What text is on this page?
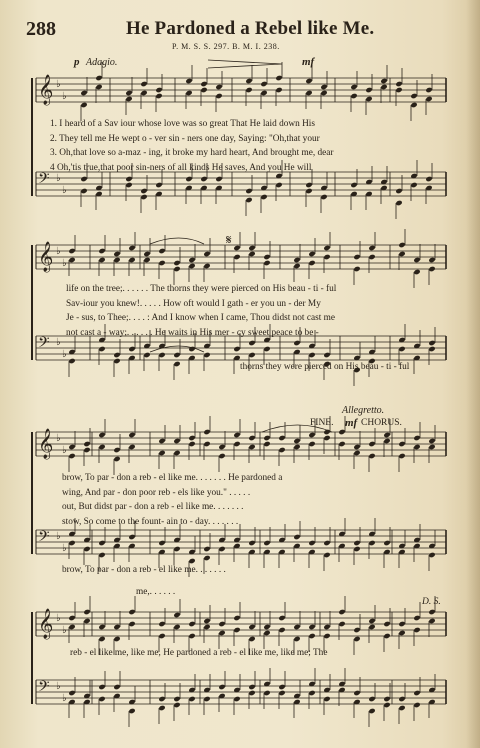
288	He Pardoned a Rebel like Me.
P. M. S. S. 297. B. M. I. 238.
𝄞 ♭
♭
𝄢 ♭
♭
𝄞 ♭
♭
𝄢 ♭
♭
𝄞 ♭
♭
𝄢 ♭
♭
𝄞 ♭
♭
𝄢 ♭
♭
p Adagio.	mf
1. I heard of a Sav iour whose love was so great That He laid down His
2. They tell me He wept o - ver sin - ners one day, Saying: "Oh,that your
3. Oh,that love so a-maz - ing, it broke my hard heart, And brought me, dear
4 Oh,'tis true,that poor sin-ners of all kinds He saves, And you He will
𝄋
life on the tree;. . . . . . The thorns they were pierced on His beau - ti - ful
Sav-iour you knew!. . . . . How oft would I gath - er you un - der My
Je - sus, to Thee;. . . . : And I know when I came, Thou didst not cast me
not cast a - way;. . . . . . He waits in His mer - cy sweet peace to be -
thorns they were pierced on His beau - ti - ful
Allegretto.
FINE. mf CHORUS.
brow, To par - don a reb - el like me. . . . . . . He pardoned a
wing, And par - don poor reb - els like you." . . . . .
out, But didst par - don a reb - el like me. . . . . . .
stow, So come to the fount- ain to - day. . . . . . .
brow, To par - don a reb - el like me. . . . . . .
me,. . . . . .
D. S.
reb - el like me, like me, He pardoned a reb - el like me, like me; The
